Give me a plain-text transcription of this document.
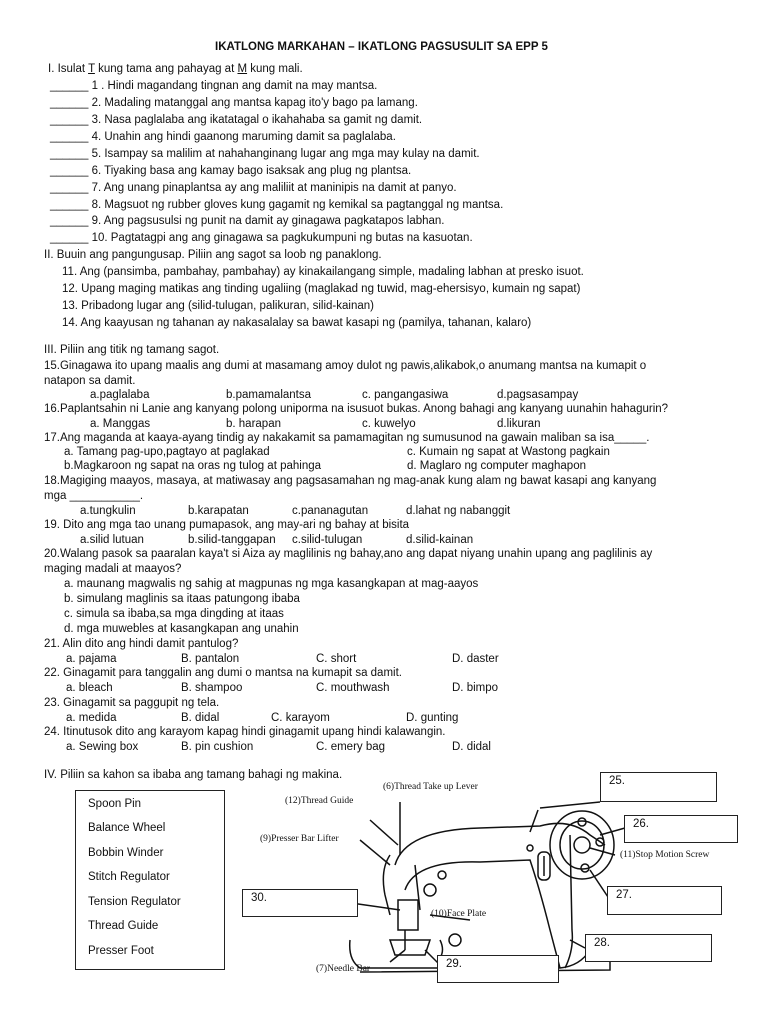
IKATLONG MARKAHAN – IKATLONG PAGSUSULIT SA EPP 5
I. Isulat T kung tama ang pahayag at M kung mali.
______ 1 . Hindi magandang tingnan ang damit na may mantsa.
______ 2. Madaling matanggal ang mantsa kapag ito'y bago pa lamang.
______ 3. Nasa paglalaba ang ikatatagal o ikahahaba sa gamit ng damit.
______ 4. Unahin ang hindi gaanong maruming damit sa paglalaba.
______ 5. Isampay sa malilim at nahahanginang lugar ang mga may kulay na damit.
______ 6. Tiyaking basa ang kamay bago isaksak ang plug ng plantsa.
______ 7. Ang unang pinaplantsa ay ang maliliit at maninipis na damit at panyo.
______ 8. Magsuot ng rubber gloves kung gagamit ng kemikal sa pagtanggal ng mantsa.
______ 9. Ang pagsusulsi ng punit na damit ay ginagawa pagkatapos labhan.
______ 10. Pagtatagpi ang ang ginagawa sa pagkukumpuni ng butas na kasuotan.
II. Buuin ang pangungusap. Piliin ang sagot sa loob ng panaklong.
11. Ang (pansimba, pambahay, pambahay) ay kinakailangang simple, madaling labhan at presko isuot.
12. Upang maging matikas ang tinding ugaliing (maglakad ng tuwid, mag-ehersisyo, kumain ng sapat)
13. Pribadong lugar ang (silid-tulugan, palikuran, silid-kainan)
14. Ang kaayusan ng tahanan ay nakasalalay sa bawat kasapi ng (pamilya, tahanan, kalaro)
III. Piliin ang titik ng tamang sagot.
15.Ginagawa ito upang maalis ang dumi at masamang amoy dulot ng pawis,alikabok,o anumang mantsa na kumapit o
natapon sa damit.
a.paglalaba	b.pamamalantsa	c. pangangasiwa	d.pagsasampay
16.Paplantsahin ni Lanie ang kanyang polong uniporma na isusuot bukas. Anong bahagi ang kanyang uunahin hahagurin?
a. Manggas	b. harapan	c. kuwelyo	d.likuran
17.Ang maganda at kaaya-ayang tindig ay nakakamit sa pamamagitan ng sumusunod na gawain maliban sa isa_____.
a. Tamang pag-upo,pagtayo at paglakad	c. Kumain ng sapat at Wastong pagkain
b.Magkaroon ng sapat na oras ng tulog at pahinga	d. Maglaro ng computer maghapon
18.Magiging maayos, masaya, at matiwasay ang pagsasamahan ng mag-anak kung alam ng bawat kasapi ang kanyang
mga ___________.
a.tungkulin	b.karapatan	c.pananagutan	d.lahat ng nabanggit
19. Dito ang mga tao unang pumapasok, ang may-ari ng bahay at bisita
a.silid lutuan	b.silid-tanggapan c.silid-tulugan	d.silid-kainan
20.Walang pasok sa paaralan kaya't si Aiza ay maglilinis ng bahay,ano ang dapat niyang unahin upang ang paglilinis ay
maging madali at maayos?
a. maunang magwalis ng sahig at magpunas ng mga kasangkapan at mag-aayos
b. simulang maglinis sa itaas patungong ibaba
c. simula sa ibaba,sa mga dingding at itaas
d. mga muwebles at kasangkapan ang unahin
21. Alin dito ang hindi damit pantulog?
a. pajama	B. pantalon	C. short	D. daster
22. Ginagamit para tanggalin ang dumi o mantsa na kumapit sa damit.
a. bleach	B. shampoo	C. mouthwash	D. bimpo
23. Ginagamit sa paggupit ng tela.
a. medida	B. didal	C. karayom	D. gunting
24. Itinutusok dito ang karayom kapag hindi ginagamit upang hindi kalawangin.
a. Sewing box	B. pin cushion	C. emery bag	D. didal
IV. Piliin sa kahon sa ibaba ang tamang bahagi ng makina.
Spoon Pin
Balance Wheel
Bobbin Winder
Stitch Regulator
Tension Regulator
Thread Guide
Presser Foot
(6)Thread Take up Lever
(12)Thread Guide
(9)Presser Bar Lifter
(11)Stop Motion Screw
(10)Face Plate
(7)Needle Bar
25.
26.
27.
28.
29.
30.
